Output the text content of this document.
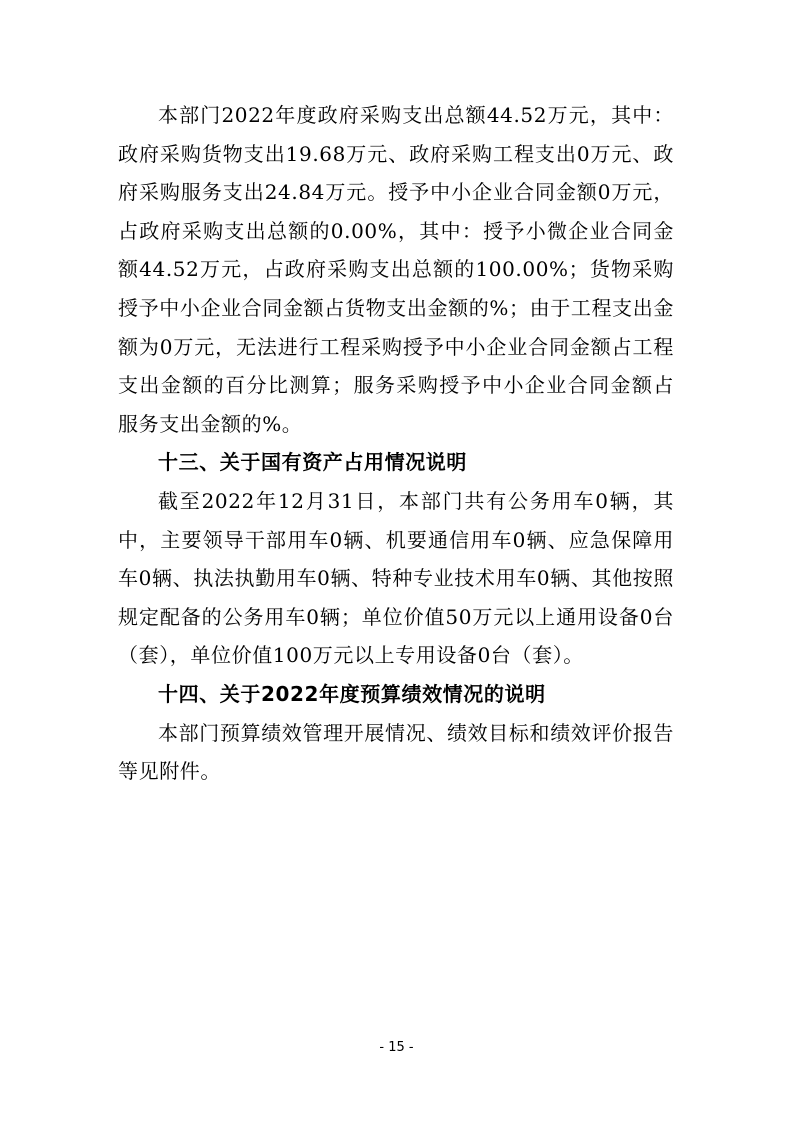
本部门2022年度政府采购支出总额44.52万元，其中：政府采购货物支出19.68万元、政府采购工程支出0万元、政府采购服务支出24.84万元。授予中小企业合同金额0万元，占政府采购支出总额的0.00%，其中：授予小微企业合同金额44.52万元，占政府采购支出总额的100.00%；货物采购授予中小企业合同金额占货物支出金额的%；由于工程支出金额为0万元，无法进行工程采购授予中小企业合同金额占工程支出金额的百分比测算；服务采购授予中小企业合同金额占服务支出金额的%。

十三、关于国有资产占用情况说明

截至2022年12月31日，本部门共有公务用车0辆，其中，主要领导干部用车0辆、机要通信用车0辆、应急保障用车0辆、执法执勤用车0辆、特种专业技术用车0辆、其他按照规定配备的公务用车0辆；单位价值50万元以上通用设备0台（套），单位价值100万元以上专用设备0台（套）。

十四、关于2022年度预算绩效情况的说明

本部门预算绩效管理开展情况、绩效目标和绩效评价报告等见附件。

- 15 -
